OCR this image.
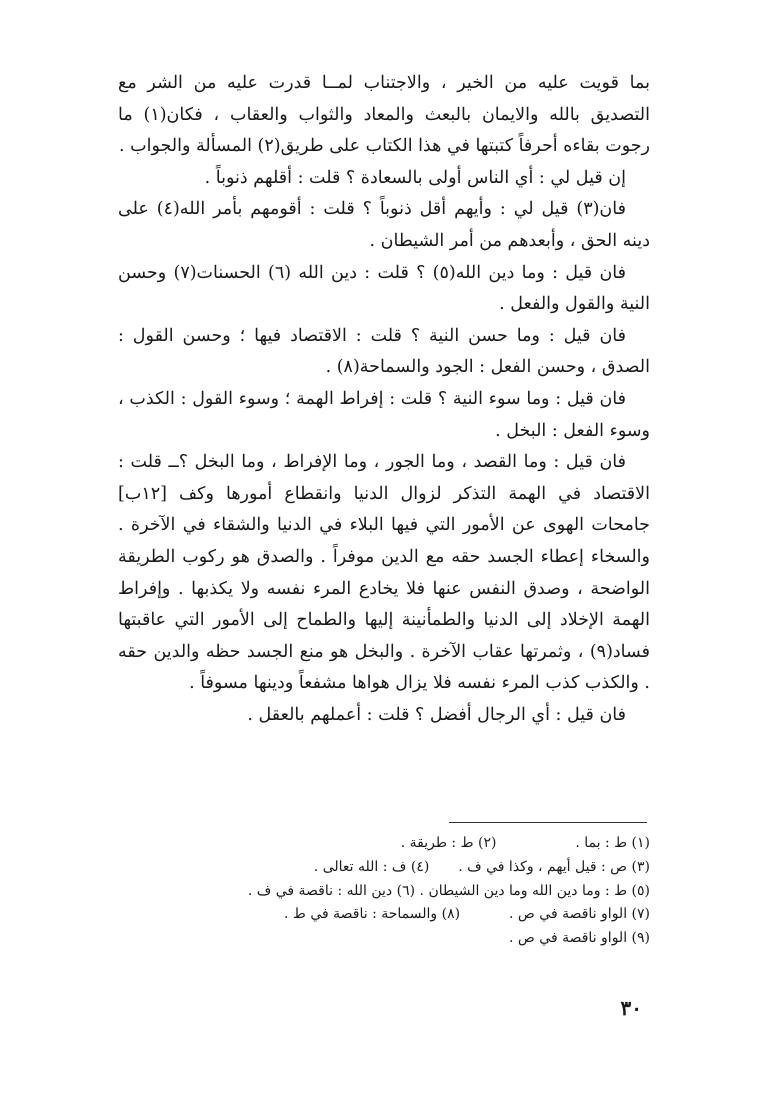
بما قويت عليه من الخير ، والاجتناب لمــا قدرت عليه من الشر مع التصديق بالله والايمان بالبعث والمعاد والثواب والعقاب ، فكان(١) ما رجوت بقاءه أحرفاً كتبتها في هذا الكتاب على طريق(٢) المسألة والجواب .

إن قيل لي : أي الناس أولى بالسعادة ؟ قلت : أقلهم ذنوباً .

فان(٣) قيل لي : وأيهم أقل ذنوباً ؟ قلت : أقومهم بأمر الله(٤) على دينه الحق ، وأبعدهم من أمر الشيطان .

فان قيل : وما دين الله(٥) ؟ قلت : دين الله (٦) الحسنات(٧) وحسن النية والقول والفعل .

فان قيل : وما حسن النية ؟ قلت : الاقتصاد فيها ؛ وحسن القول : الصدق ، وحسن الفعل : الجود والسماحة(٨) .

فان قيل : وما سوء النية ؟ قلت : إفراط الهمة ؛ وسوء القول : الكذب ، وسوء الفعل : البخل .

فان قيل : وما القصد ، وما الجور ، وما الإفراط ، وما البخل ؟ــ قلت : الاقتصاد في الهمة التذكر لزوال الدنيا وانقطاع أمورها وكف [١٢ب] جامحات الهوى عن الأمور التي فيها البلاء في الدنيا والشقاء في الآخرة . والسخاء إعطاء الجسد حقه مع الدين موفراً . والصدق هو ركوب الطريقة الواضحة ، وصدق النفس عنها فلا يخادع المرء نفسه ولا يكذبها . وإفراط الهمة الإخلاد إلى الدنيا والطمأنينة إليها والطماح إلى الأمور التي عاقبتها فساد(٩) ، وثمرتها عقاب الآخرة . والبخل هو منع الجسد حظه والدين حقه . والكذب كذب المرء نفسه فلا يزال هواها مشفعاً ودينها مسوفاً .

فان قيل : أي الرجال أفضل ؟ قلت : أعملهم بالعقل .

(١) ط : بما .  (٢) ط : طريقة .
(٣) ص : قيل أيهم ، وكذا في ف .  (٤) ف : الله تعالى .
(٥) ط : وما دين الله وما دين الشيطان . (٦) دين الله : ناقصة في ف .
(٧) الواو ناقصة في ص .  (٨) والسماحة : ناقصة في ط .
(٩) الواو ناقصة في ص .
٣٠
